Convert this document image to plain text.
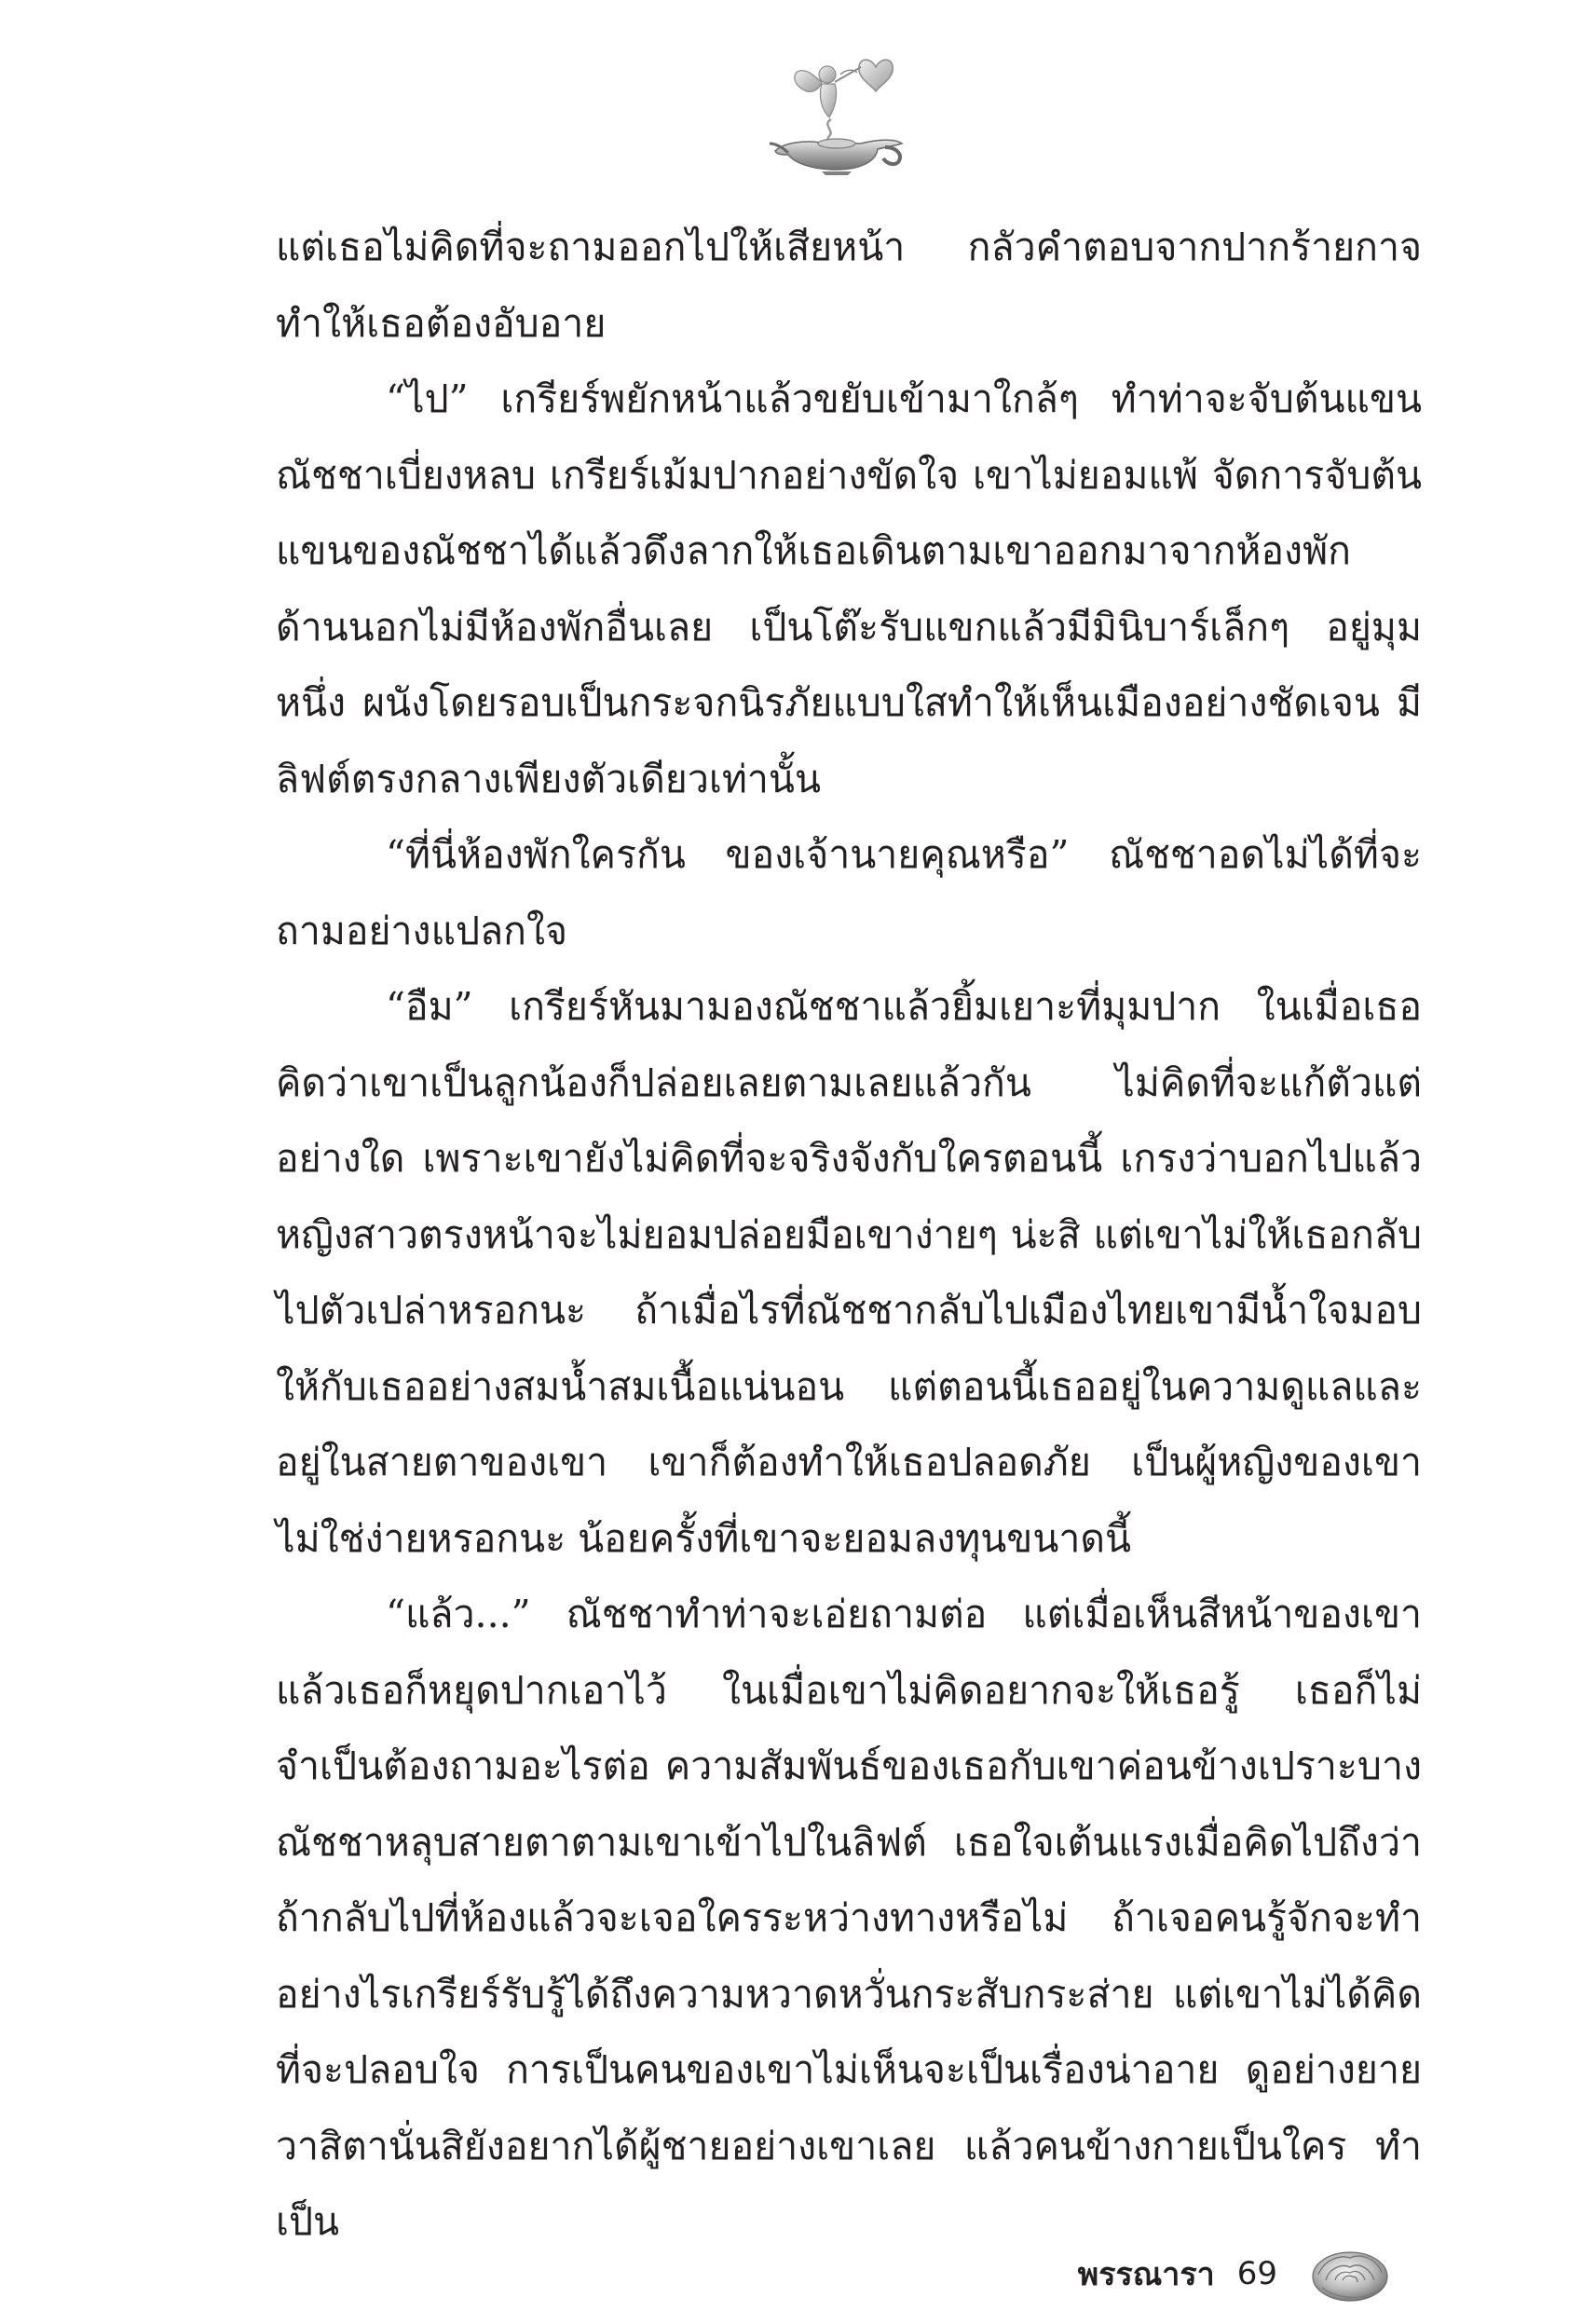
แต่เธอไม่คิดที่จะถามออกไปให้เสียหน้า กลัวคำตอบจากปากร้ายกาจทำให้เธอต้องอับอาย

“ไป” เกรียร์พยักหน้าแล้วขยับเข้ามาใกล้ๆ ทำท่าจะจับต้นแขนณัชชาเบี่ยงหลบ เกรียร์เม้มปากอย่างขัดใจ เขาไม่ยอมแพ้ จัดการจับต้นแขนของณัชชาได้แล้วดึงลากให้เธอเดินตามเขาออกมาจากห้องพักด้านนอกไม่มีห้องพักอื่นเลย เป็นโต๊ะรับแขกแล้วมีมินิบาร์เล็กๆ อยู่มุมหนึ่ง ผนังโดยรอบเป็นกระจกนิรภัยแบบใสทำให้เห็นเมืองอย่างชัดเจน มีลิฟต์ตรงกลางเพียงตัวเดียวเท่านั้น

“ที่นี่ห้องพักใครกัน ของเจ้านายคุณหรือ” ณัชชาอดไม่ได้ที่จะถามอย่างแปลกใจ

“อืม” เกรียร์หันมามองณัชชาแล้วยิ้มเยาะที่มุมปาก ในเมื่อเธอคิดว่าเขาเป็นลูกน้องก็ปล่อยเลยตามเลยแล้วกัน ไม่คิดที่จะแก้ตัวแต่อย่างใด เพราะเขายังไม่คิดที่จะจริงจังกับใครตอนนี้ เกรงว่าบอกไปแล้วหญิงสาวตรงหน้าจะไม่ยอมปล่อยมือเขาง่ายๆ น่ะสิ แต่เขาไม่ให้เธอกลับไปตัวเปล่าหรอกนะ ถ้าเมื่อไรที่ณัชชากลับไปเมืองไทยเขามีน้ำใจมอบให้กับเธออย่างสมน้ำสมเนื้อแน่นอน แต่ตอนนี้เธออยู่ในความดูแลและอยู่ในสายตาของเขา เขาก็ต้องทำให้เธอปลอดภัย เป็นผู้หญิงของเขาไม่ใช่ง่ายหรอกนะ น้อยครั้งที่เขาจะยอมลงทุนขนาดนี้

“แล้ว...” ณัชชาทำท่าจะเอ่ยถามต่อ แต่เมื่อเห็นสีหน้าของเขาแล้วเธอก็หยุดปากเอาไว้ ในเมื่อเขาไม่คิดอยากจะให้เธอรู้ เธอก็ไม่จำเป็นต้องถามอะไรต่อ ความสัมพันธ์ของเธอกับเขาค่อนข้างเปราะบาง ณัชชาหลุบสายตาตามเขาเข้าไปในลิฟต์ เธอใจเต้นแรงเมื่อคิดไปถึงว่าถ้ากลับไปที่ห้องแล้วจะเจอใครระหว่างทางหรือไม่ ถ้าเจอคนรู้จักจะทำอย่างไรเกรียร์รับรู้ได้ถึงความหวาดหวั่นกระสับกระส่าย แต่เขาไม่ได้คิดที่จะปลอบใจ การเป็นคนของเขาไม่เห็นจะเป็นเรื่องน่าอาย ดูอย่างยายวาสิตานั่นสิยังอยากได้ผู้ชายอย่างเขาเลย แล้วคนข้างกายเป็นใคร ทำเป็น

พรรณารา 69
